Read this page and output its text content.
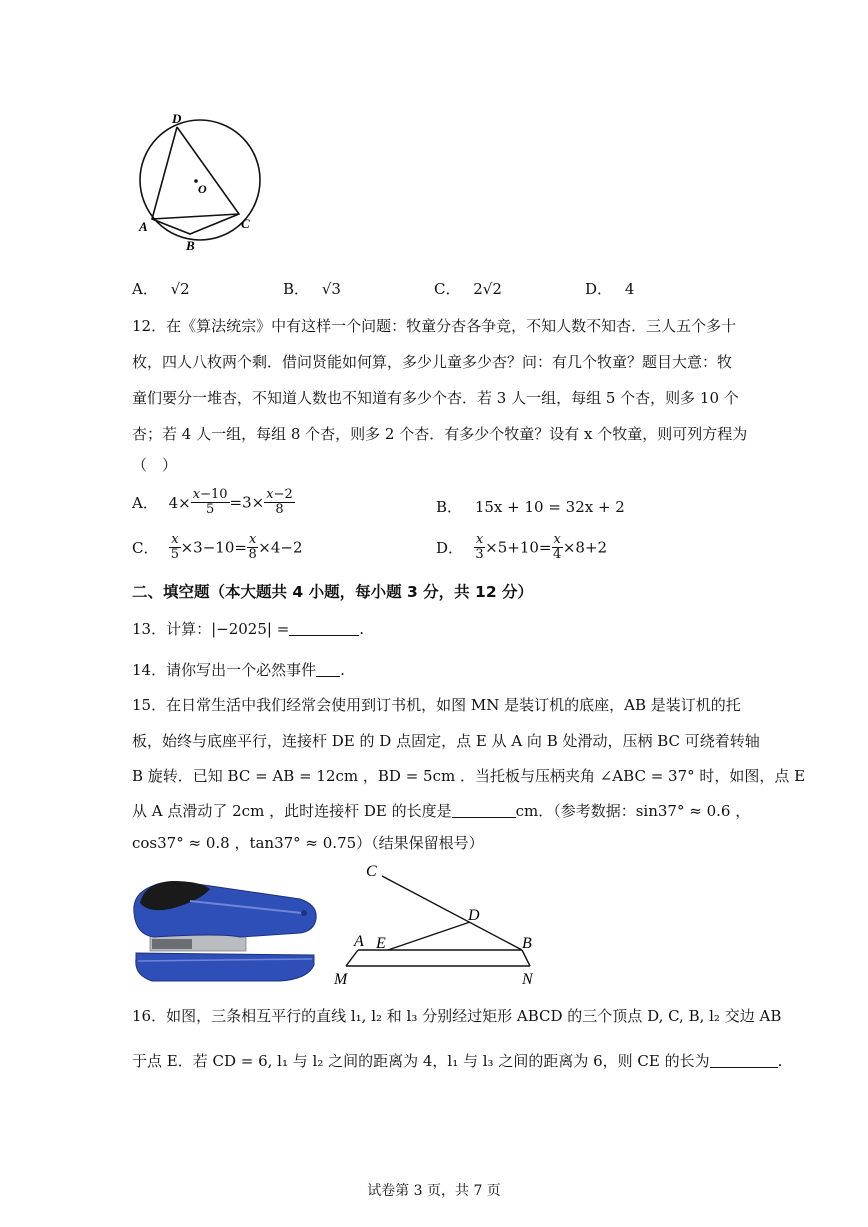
D
O
A
B
C
A． √2	B． √3	C． 2√2	D． 4
12．在《算法统宗》中有这样一个问题：牧童分杏各争竞，不知人数不知杏．三人五个多十
枚，四人八枚两个剩．借问贤能如何算，多少儿童多少杏？问：有几个牧童？题目大意：牧
童们要分一堆杏，不知道人数也不知道有多少个杏．若 3 人一组，每组 5 个杏，则多 10 个
杏；若 4 人一组，每组 8 个杏，则多 2 个杏．有多少个牧童？设有 x 个牧童，则可列方程为
（　）
A． $4\times \frac{x-10}{5} =3\times \frac{x-2}{8}$	B． 15x + 10 = 32x + 2
C． $\frac{x}{5} \times 3-10= \frac{x}{8} \times 4-2$	D． $\frac{x}{3} \times 5+10= \frac{x}{4} \times 8+2$
二、填空题（本大题共 4 小题，每小题 3 分，共 12 分）
13．计算：|−2025| =	.
14．请你写出一个必然事件 .
15．在日常生活中我们经常会使用到订书机，如图 MN 是装订机的底座，AB 是装订机的托
板，始终与底座平行，连接杆 DE 的 D 点固定，点 E 从 A 向 B 处滑动，压柄 BC 可绕着转轴
B 旋转．已知 BC = AB = 12cm ，BD = 5cm ．当托板与压柄夹角 ∠ABC = 37° 时，如图，点 E
从 A 点滑动了 2cm ，此时连接杆 DE 的长度是	cm．（参考数据：sin37° ≈ 0.6 ，
cos37° ≈ 0.8 ，tan37° ≈ 0.75）（结果保留根号）
C
D
A E	B
M	N
16．如图，三条相互平行的直线 l₁, l₂ 和 l₃ 分别经过矩形 ABCD 的三个顶点 D, C, B, l₂ 交边 AB
于点 E．若 CD = 6, l₁ 与 l₂ 之间的距离为 4，l₁ 与 l₃ 之间的距离为 6，则 CE 的长为	.
试卷第 3 页，共 7 页
